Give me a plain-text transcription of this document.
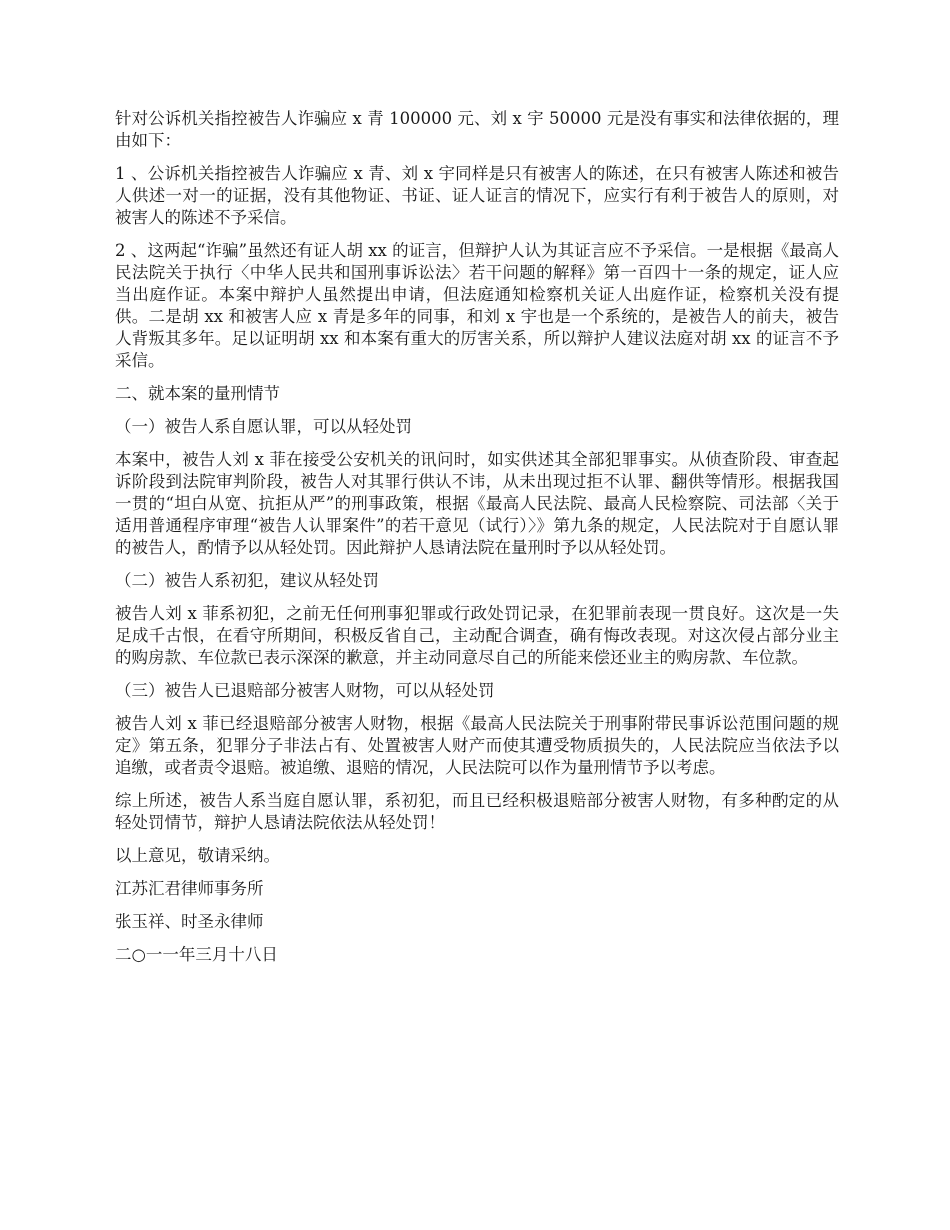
针对公诉机关指控被告人诈骗应 x 青 100000 元、刘 x 宇 50000 元是没有事实和法律依据的，理由如下：

1 、公诉机关指控被告人诈骗应 x 青、刘 x 宇同样是只有被害人的陈述，在只有被害人陈述和被告人供述一对一的证据，没有其他物证、书证、证人证言的情况下，应实行有利于被告人的原则，对被害人的陈述不予采信。

2 、这两起“诈骗”虽然还有证人胡 xx 的证言，但辩护人认为其证言应不予采信。一是根据《最高人民法院关于执行〈中华人民共和国刑事诉讼法〉若干问题的解释》第一百四十一条的规定，证人应当出庭作证。本案中辩护人虽然提出申请，但法庭通知检察机关证人出庭作证，检察机关没有提供。二是胡 xx 和被害人应 x 青是多年的同事，和刘 x 宇也是一个系统的，是被告人的前夫，被告人背叛其多年。足以证明胡 xx 和本案有重大的厉害关系，所以辩护人建议法庭对胡 xx 的证言不予采信。

二、就本案的量刑情节

（一）被告人系自愿认罪，可以从轻处罚

本案中，被告人刘 x 菲在接受公安机关的讯问时，如实供述其全部犯罪事实。从侦查阶段、审查起诉阶段到法院审判阶段，被告人对其罪行供认不讳，从未出现过拒不认罪、翻供等情形。根据我国一贯的“坦白从宽、抗拒从严”的刑事政策，根据《最高人民法院、最高人民检察院、司法部〈关于适用普通程序审理“被告人认罪案件”的若干意见（试行）〉》第九条的规定，人民法院对于自愿认罪的被告人，酌情予以从轻处罚。因此辩护人恳请法院在量刑时予以从轻处罚。

（二）被告人系初犯，建议从轻处罚

被告人刘 x 菲系初犯，之前无任何刑事犯罪或行政处罚记录，在犯罪前表现一贯良好。这次是一失足成千古恨，在看守所期间，积极反省自己，主动配合调查，确有悔改表现。对这次侵占部分业主的购房款、车位款已表示深深的歉意，并主动同意尽自己的所能来偿还业主的购房款、车位款。

（三）被告人已退赔部分被害人财物，可以从轻处罚

被告人刘 x 菲已经退赔部分被害人财物，根据《最高人民法院关于刑事附带民事诉讼范围问题的规定》第五条，犯罪分子非法占有、处置被害人财产而使其遭受物质损失的，人民法院应当依法予以追缴，或者责令退赔。被追缴、退赔的情况，人民法院可以作为量刑情节予以考虑。

综上所述，被告人系当庭自愿认罪，系初犯，而且已经积极退赔部分被害人财物，有多种酌定的从轻处罚情节，辩护人恳请法院依法从轻处罚！

以上意见，敬请采纳。

江苏汇君律师事务所

张玉祥、时圣永律师

二○一一年三月十八日
